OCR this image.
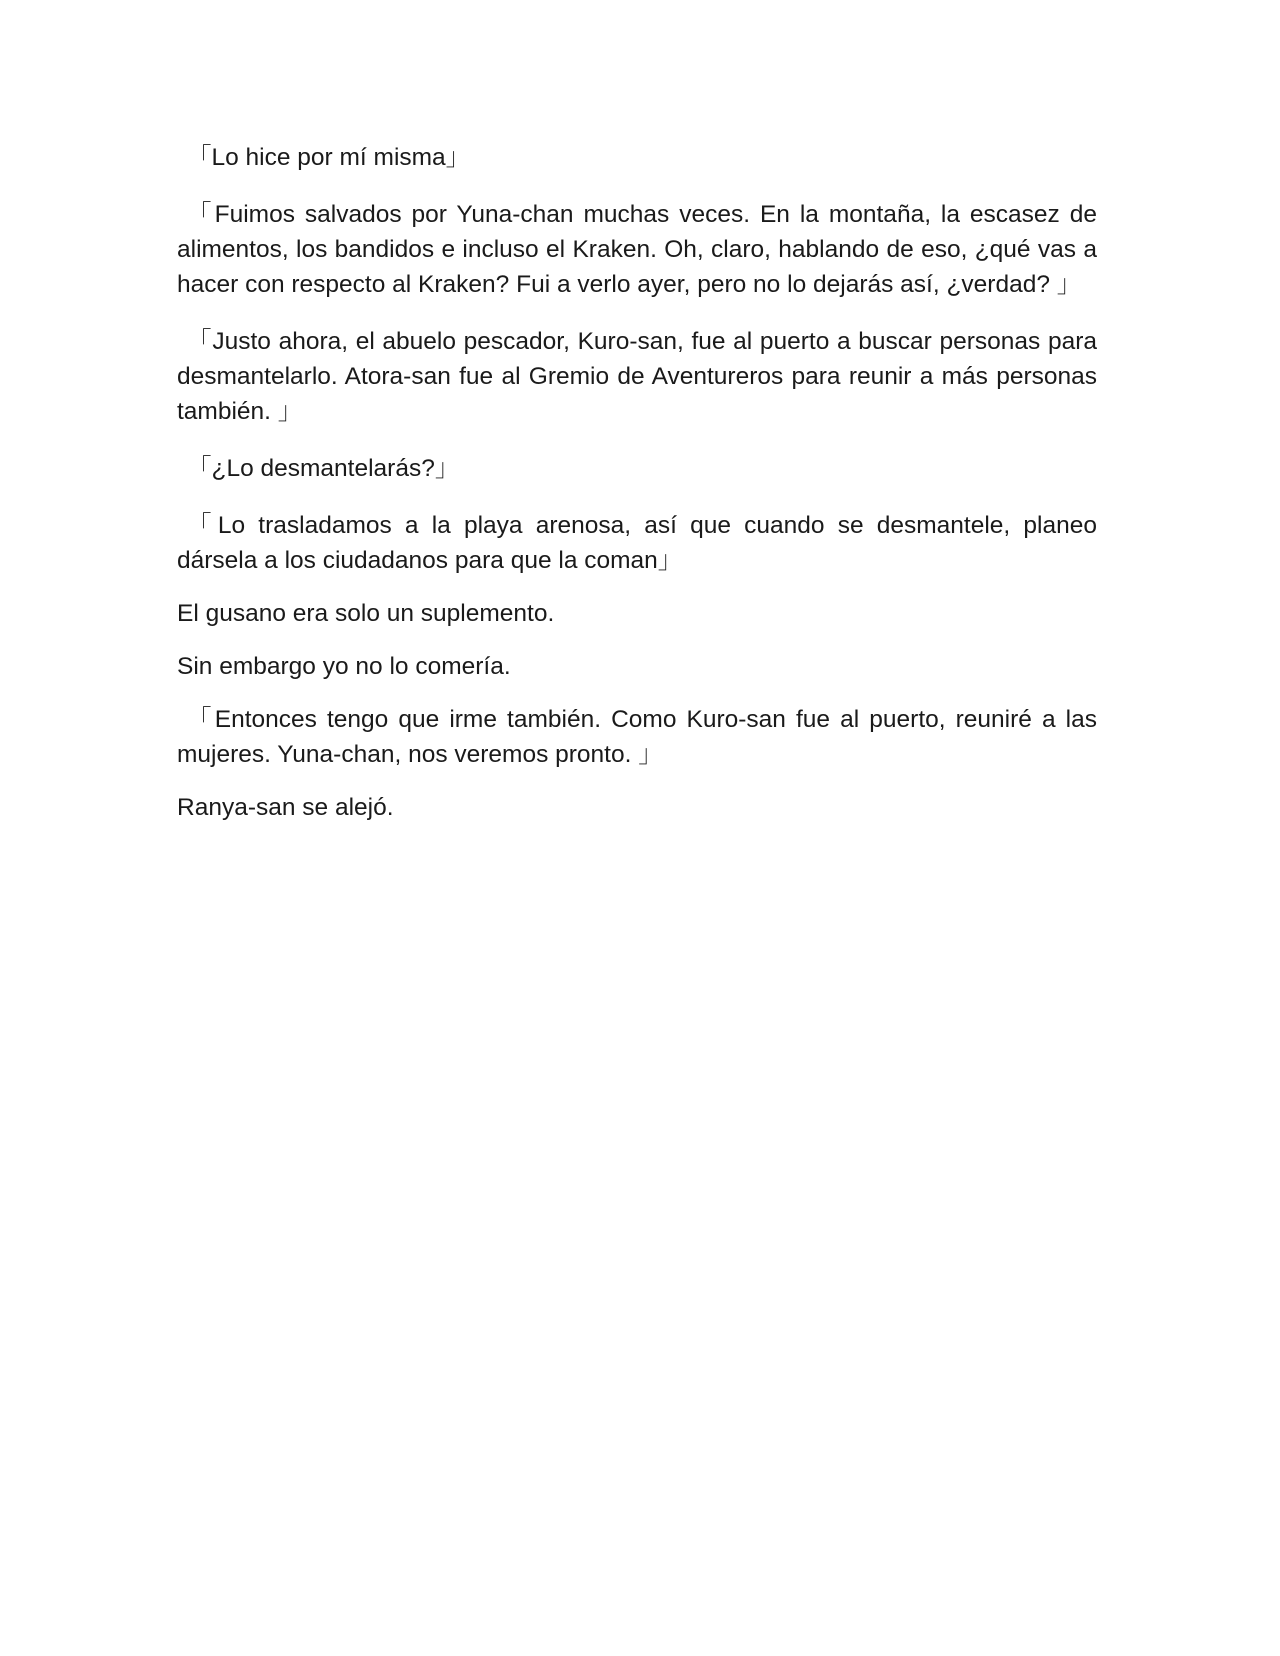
「Lo hice por mí misma」

「Fuimos salvados por Yuna-chan muchas veces. En la montaña, la escasez de alimentos, los bandidos e incluso el Kraken. Oh, claro, hablando de eso, ¿qué vas a hacer con respecto al Kraken? Fui a verlo ayer, pero no lo dejarás así, ¿verdad? 」

「Justo ahora, el abuelo pescador, Kuro-san, fue al puerto a buscar personas para desmantelarlo. Atora-san fue al Gremio de Aventureros para reunir a más personas también. 」

「¿Lo desmantelarás?」

「Lo trasladamos a la playa arenosa, así que cuando se desmantele, planeo dársela a los ciudadanos para que la coman」

El gusano era solo un suplemento.

Sin embargo yo no lo comería.

「Entonces tengo que irme también. Como Kuro-san fue al puerto, reuniré a las mujeres. Yuna-chan, nos veremos pronto. 」

Ranya-san se alejó.
